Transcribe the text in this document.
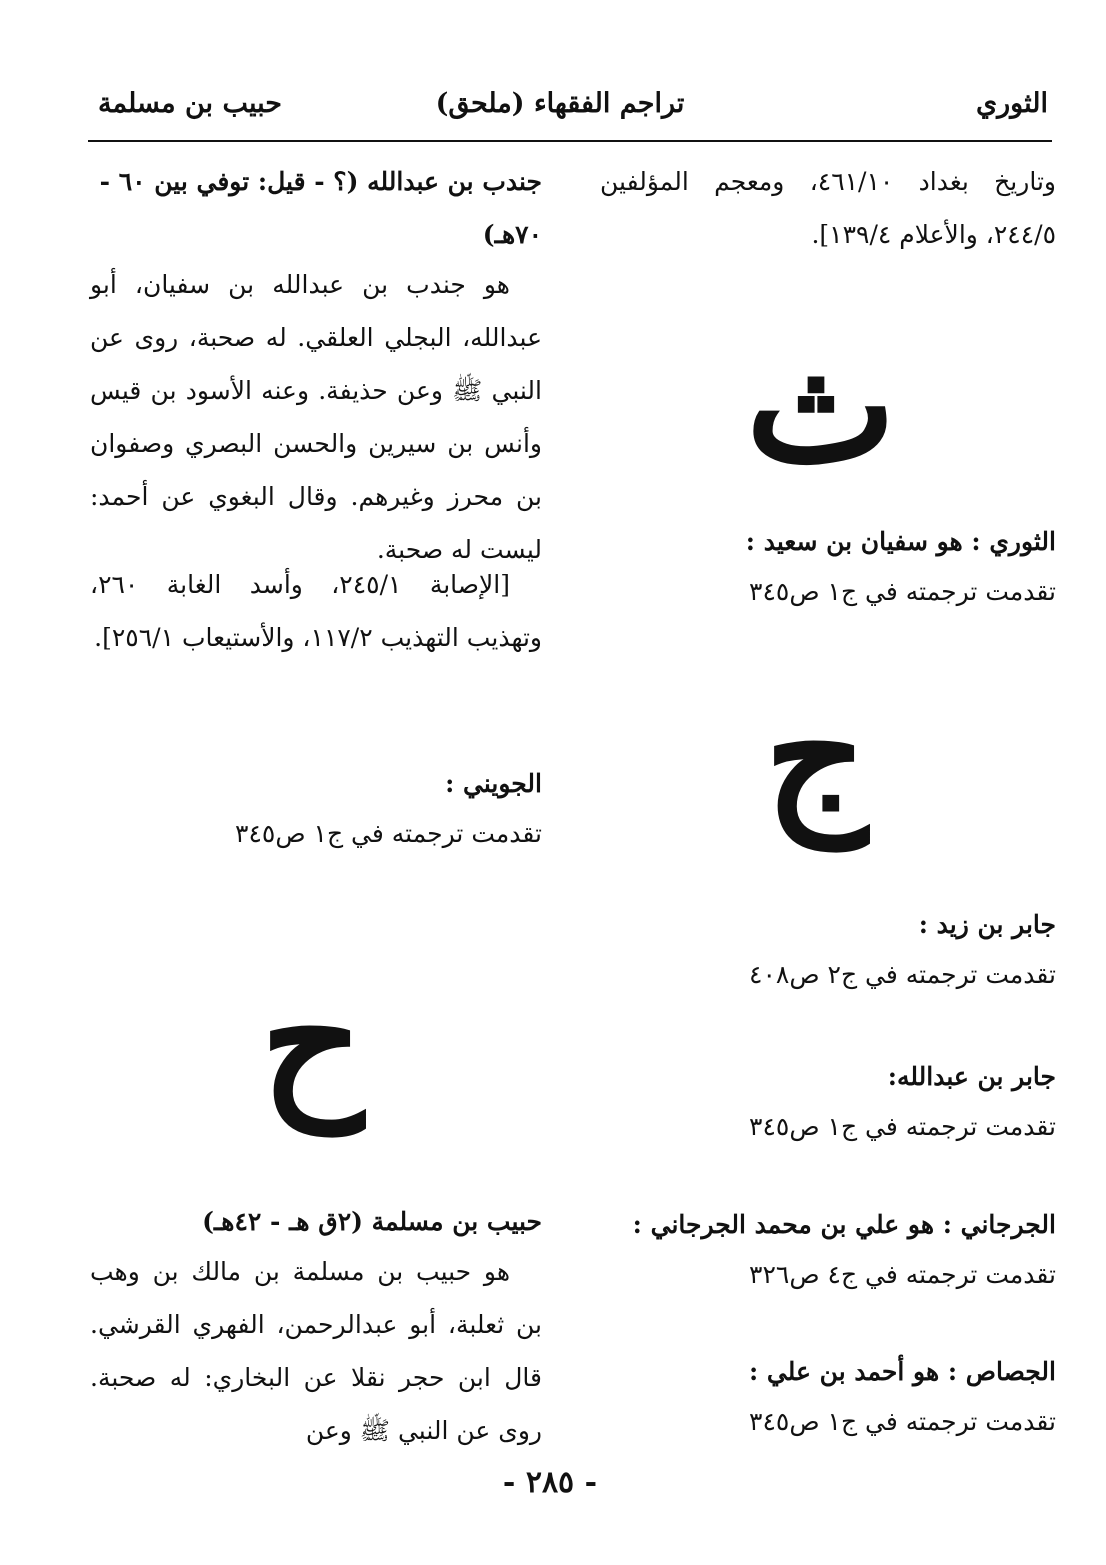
الثوري
(ملحق) تراجم الفقهاء
حبيب بن مسلمة

وتاريخ بغداد ٤٦١/١٠، ومعجم المؤلفين ٢٤٤/٥، والأعلام ١٣٩/٤].

ث

الثوري : هو سفيان بن سعيد :

تقدمت ترجمته في ج١ ص٣٤٥

ج

جابر بن زيد :

تقدمت ترجمته في ج٢ ص٤٠٨

جابر بن عبدالله:

تقدمت ترجمته في ج١ ص٣٤٥

الجرجاني : هو علي بن محمد الجرجاني :

تقدمت ترجمته في ج٤ ص٣٢٦

الجصاص : هو أحمد بن علي :

تقدمت ترجمته في ج١ ص٣٤٥

جندب بن عبدالله (؟ - قيل: توفي بين ٦٠ - ٧٠هـ)

هو جندب بن عبدالله بن سفيان، أبو عبدالله، البجلي العلقي. له صحبة، روى عن النبي ﷺ وعن حذيفة. وعنه الأسود بن قيس وأنس بن سيرين والحسن البصري وصفوان بن محرز وغيرهم. وقال البغوي عن أحمد: ليست له صحبة.

[الإصابة ٢٤٥/١، وأسد الغابة ٢٦٠، وتهذيب التهذيب ١١٧/٢، والأستيعاب ٢٥٦/١].

الجويني :

تقدمت ترجمته في ج١ ص٣٤٥

ح

حبيب بن مسلمة (٢ق هـ - ٤٢هـ)

هو حبيب بن مسلمة بن مالك بن وهب بن ثعلبة، أبو عبدالرحمن، الفهري القرشي. قال ابن حجر نقلا عن البخاري: له صحبة. روى عن النبي ﷺ وعن

- ٢٨٥ -
